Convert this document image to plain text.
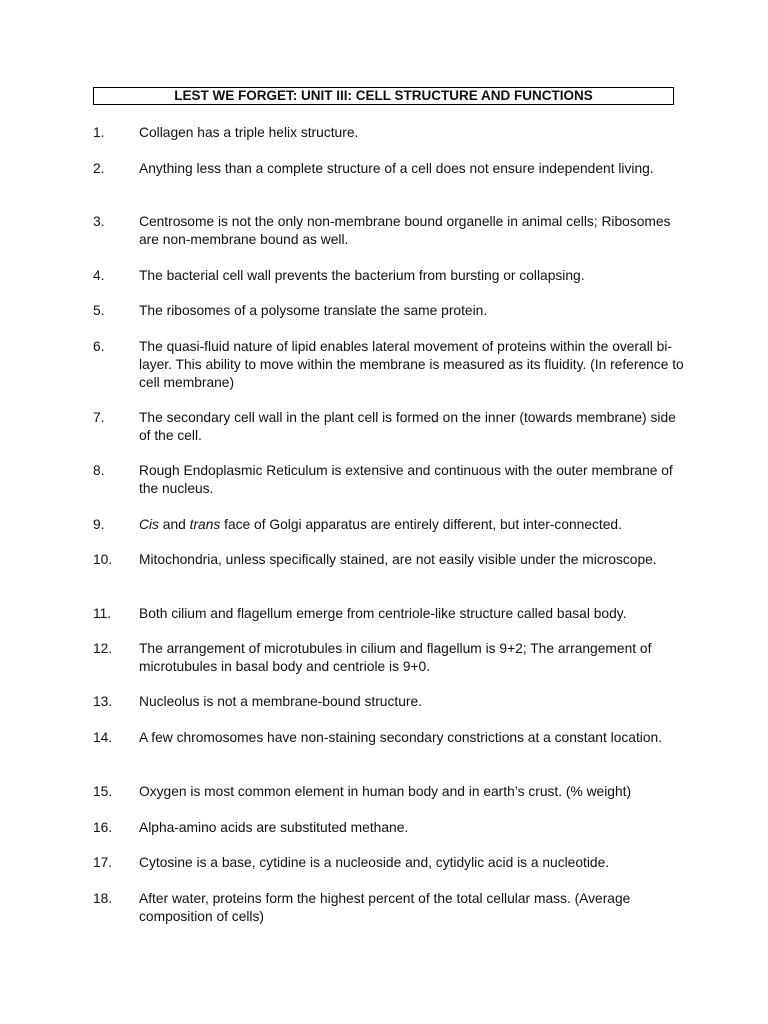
LEST WE FORGET: UNIT III: CELL STRUCTURE AND FUNCTIONS
1. Collagen has a triple helix structure.
2. Anything less than a complete structure of a cell does not ensure independent living.
3. Centrosome is not the only non-membrane bound organelle in animal cells; Ribosomes are non-membrane bound as well.
4. The bacterial cell wall prevents the bacterium from bursting or collapsing.
5. The ribosomes of a polysome translate the same protein.
6. The quasi-fluid nature of lipid enables lateral movement of proteins within the overall bi-layer. This ability to move within the membrane is measured as its fluidity. (In reference to cell membrane)
7. The secondary cell wall in the plant cell is formed on the inner (towards membrane) side of the cell.
8. Rough Endoplasmic Reticulum is extensive and continuous with the outer membrane of the nucleus.
9. Cis and trans face of Golgi apparatus are entirely different, but inter-connected.
10. Mitochondria, unless specifically stained, are not easily visible under the microscope.
11. Both cilium and flagellum emerge from centriole-like structure called basal body.
12. The arrangement of microtubules in cilium and flagellum is 9+2; The arrangement of microtubules in basal body and centriole is 9+0.
13. Nucleolus is not a membrane-bound structure.
14. A few chromosomes have non-staining secondary constrictions at a constant location.
15. Oxygen is most common element in human body and in earth’s crust. (% weight)
16. Alpha-amino acids are substituted methane.
17. Cytosine is a base, cytidine is a nucleoside and, cytidylic acid is a nucleotide.
18. After water, proteins form the highest percent of the total cellular mass. (Average composition of cells)
